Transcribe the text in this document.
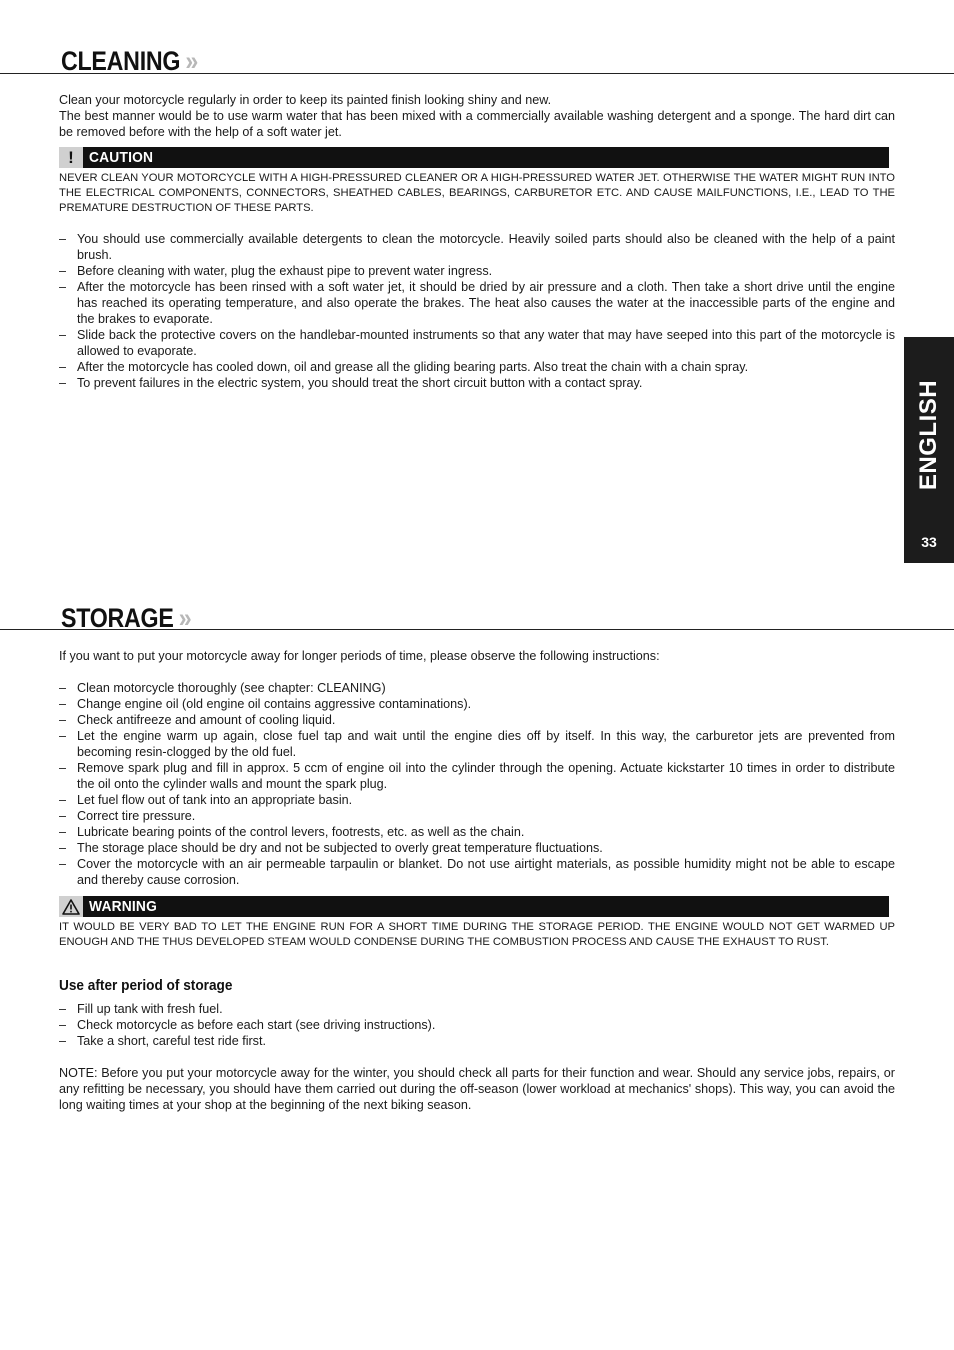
CLEANING »

Clean your motorcycle regularly in order to keep its painted finish looking shiny and new.

The best manner would be to use warm water that has been mixed with a commercially available washing detergent and a sponge. The hard dirt can be removed before with the help of a soft water jet.

!	CAUTION
NEVER CLEAN YOUR MOTORCYCLE WITH A HIGH-PRESSURED CLEANER OR A HIGH-PRESSURED WATER JET. OTHERWISE THE WATER MIGHT RUN INTO THE ELECTRICAL COMPONENTS, CONNECTORS, SHEATHED CABLES, BEARINGS, CARBURETOR ETC. AND CAUSE MAILFUNCTIONS, I.E., LEAD TO THE PREMATURE DESTRUCTION OF THESE PARTS.
– You should use commercially available detergents to clean the motorcycle. Heavily soiled parts should also be cleaned with the help of a paint brush.
– Before cleaning with water, plug the exhaust pipe to prevent water ingress.
– After the motorcycle has been rinsed with a soft water jet, it should be dried by air pressure and a cloth. Then take a short drive until the engine has reached its operating temperature, and also operate the brakes. The heat also causes the water at the inaccessible parts of the engine and the brakes to evaporate.
– Slide back the protective covers on the handlebar-mounted instruments so that any water that may have seeped into this part of the motorcycle is allowed to evaporate.
– After the motorcycle has cooled down, oil and grease all the gliding bearing parts. Also treat the chain with a chain spray.
– To prevent failures in the electric system, you should treat the short circuit button with a contact spray.	ENGLISH
33
STORAGE »
If you want to put your motorcycle away for longer periods of time, please observe the following instructions:
– Clean motorcycle thoroughly (see chapter: CLEANING)
– Change engine oil (old engine oil contains aggressive contaminations).
– Check antifreeze and amount of cooling liquid.
– Let the engine warm up again, close fuel tap and wait until the engine dies off by itself. In this way, the carburetor jets are prevented from becoming resin-clogged by the old fuel.
– Remove spark plug and fill in approx. 5 ccm of engine oil into the cylinder through the opening. Actuate kickstarter 10 times in order to distribute the oil onto the cylinder walls and mount the spark plug.
– Let fuel flow out of tank into an appropriate basin.
– Correct tire pressure.
– Lubricate bearing points of the control levers, footrests, etc. as well as the chain.
– The storage place should be dry and not be subjected to overly great temperature fluctuations.
– Cover the motorcycle with an air permeable tarpaulin or blanket. Do not use airtight materials, as possible humidity might not be able to escape and thereby cause corrosion.
WARNING
IT WOULD BE VERY BAD TO LET THE ENGINE RUN FOR A SHORT TIME DURING THE STORAGE PERIOD. THE ENGINE WOULD NOT GET WARMED UP ENOUGH AND THE THUS DEVELOPED STEAM WOULD CONDENSE DURING THE COMBUSTION PROCESS AND CAUSE THE EXHAUST TO RUST.
Use after period of storage
– Fill up tank with fresh fuel.
– Check motorcycle as before each start (see driving instructions).
– Take a short, careful test ride first.
NOTE: Before you put your motorcycle away for the winter, you should check all parts for their function and wear. Should any service jobs, repairs, or any refitting be necessary, you should have them carried out during the off-season (lower workload at mechanics' shops). This way, you can avoid the long waiting times at your shop at the beginning of the next biking season.
